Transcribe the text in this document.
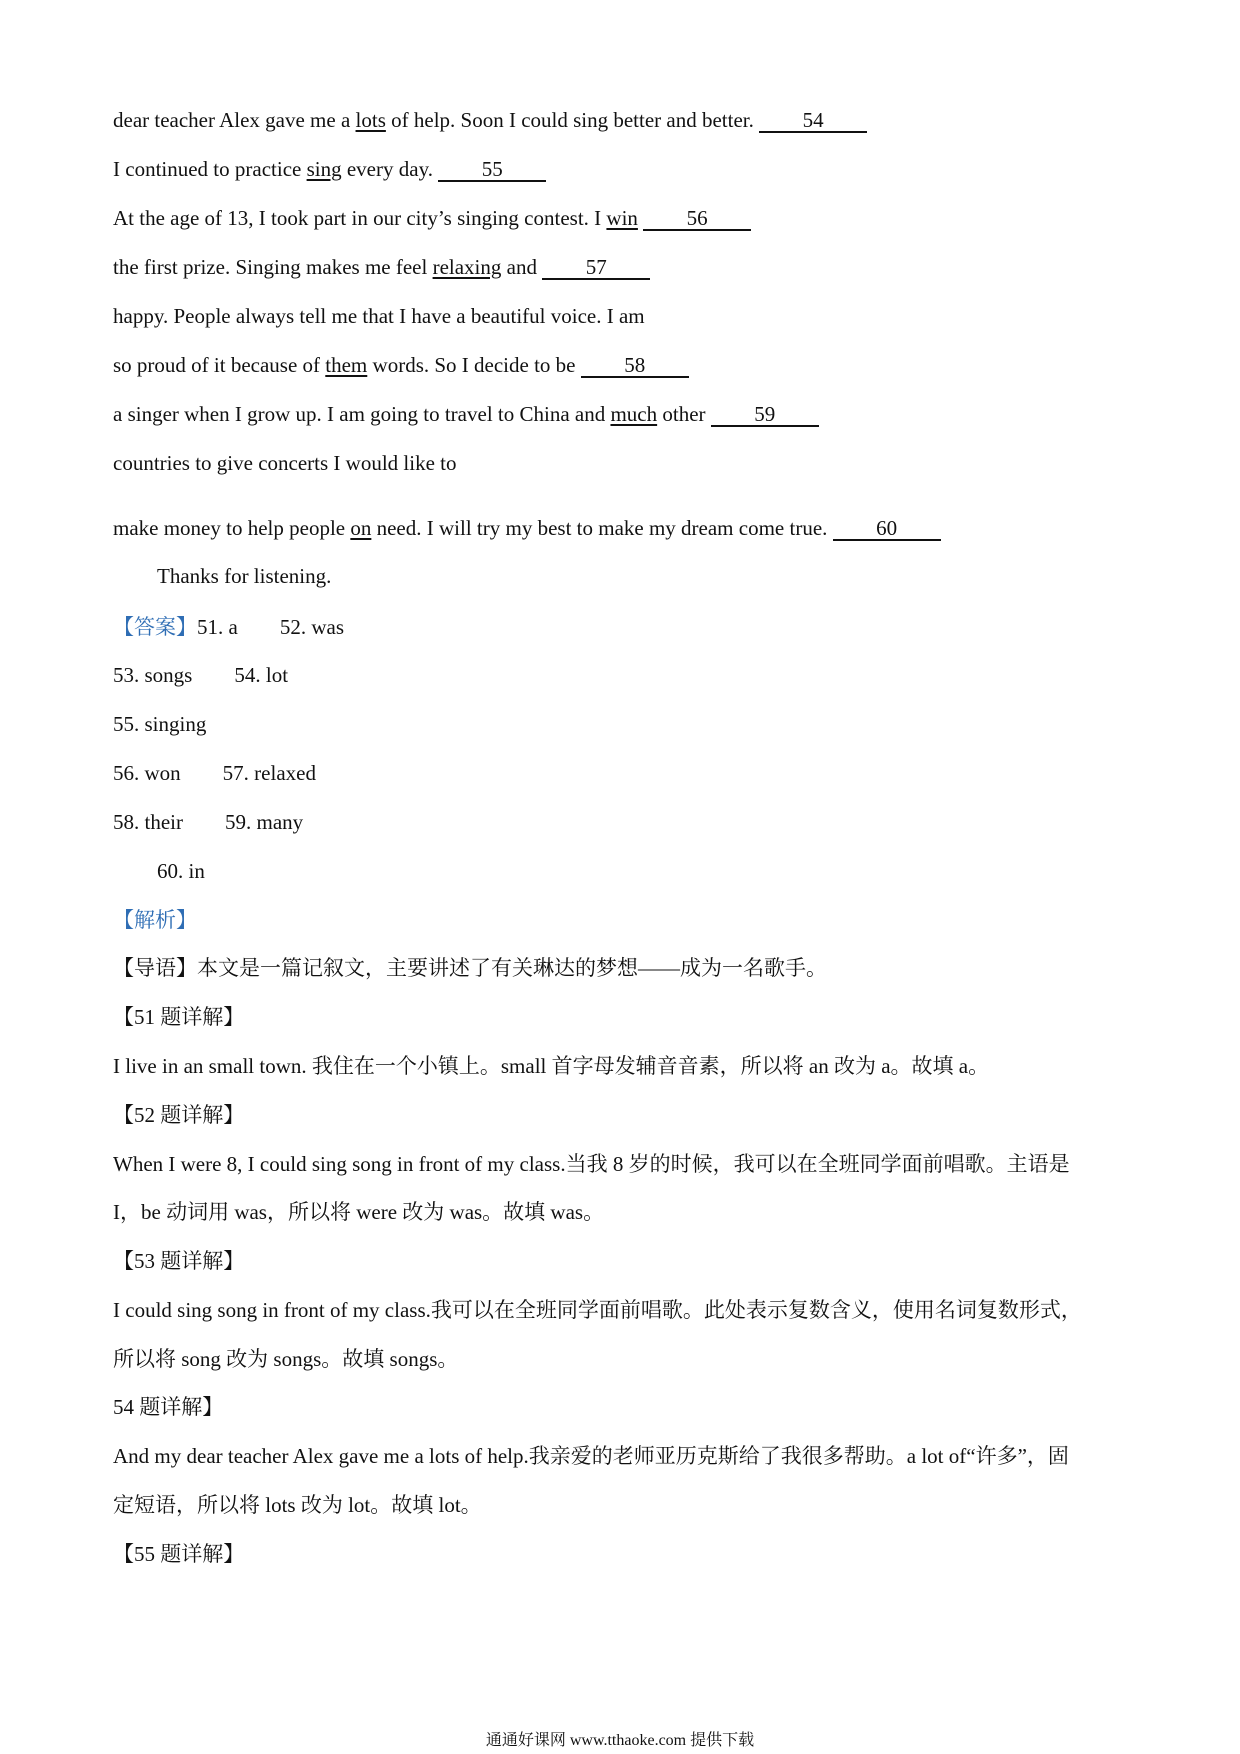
dear teacher Alex gave me a lots of help. Soon I could sing better and better. 54
I continued to practice sing every day. 55
At the age of 13, I took part in our city’s singing contest. I win 56
the first prize. Singing makes me feel relaxing and 57
happy. People always tell me that I have a beautiful voice. I am
so proud of it because of them words. So I decide to be 58
a singer when I grow up. I am going to travel to China and much other 59
countries to give concerts I would like to
make money to help people on need. I will try my best to make my dream come true. 60
Thanks for listening.
【答案】51. a 52. was
53. songs 54. lot
55. singing
56. won 57. relaxed
58. their 59. many
60. in
【解析】
【导语】本文是一篇记叙文，主要讲述了有关琳达的梦想——成为一名歌手。
【51 题详解】
I live in an small town. 我住在一个小镇上。small 首字母发辅音音素，所以将 an 改为 a。故填 a。
【52 题详解】
When I were 8, I could sing song in front of my class.当我 8 岁的时候，我可以在全班同学面前唱歌。主语是
I，be 动词用 was，所以将 were 改为 was。故填 was。
【53 题详解】
I could sing song in front of my class.我可以在全班同学面前唱歌。此处表示复数含义，使用名词复数形式，
所以将 song 改为 songs。故填 songs。
54 题详解】
And my dear teacher Alex gave me a lots of help.我亲爱的老师亚历克斯给了我很多帮助。a lot of“许多”，固
定短语，所以将 lots 改为 lot。故填 lot。
【55 题详解】
通通好课网 www.tthaoke.com 提供下载
